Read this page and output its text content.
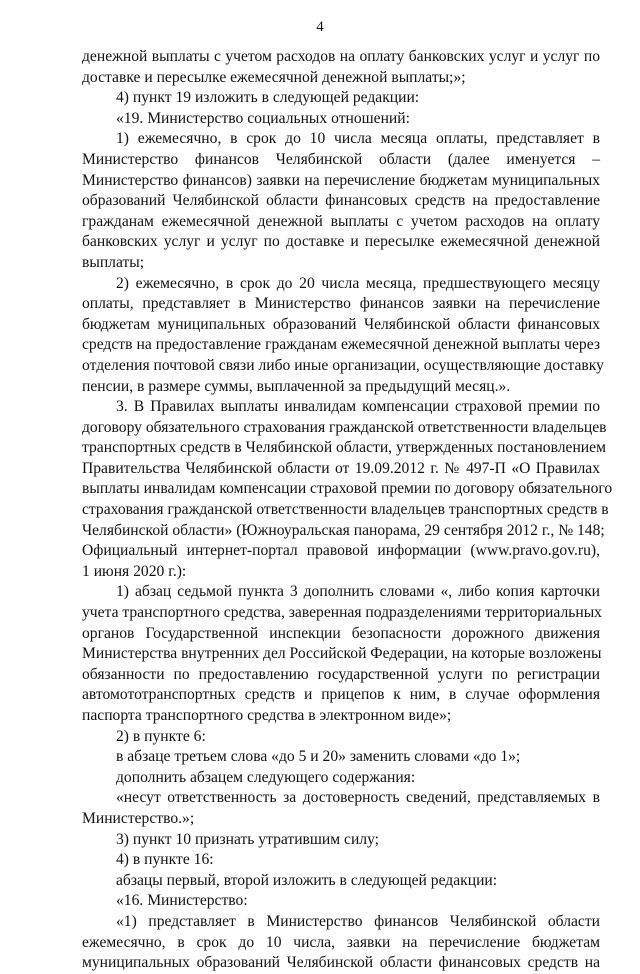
4
денежной выплаты с учетом расходов на оплату банковских услуг и услуг по
доставке и пересылке ежемесячной денежной выплаты;»;
4) пункт 19 изложить в следующей редакции:
«19. Министерство социальных отношений:
1) ежемесячно, в срок до 10 числа месяца оплаты, представляет в
Министерство финансов Челябинской области (далее именуется –
Министерство финансов) заявки на перечисление бюджетам муниципальных
образований Челябинской области финансовых средств на предоставление
гражданам ежемесячной денежной выплаты с учетом расходов на оплату
банковских услуг и услуг по доставке и пересылке ежемесячной денежной
выплаты;
2) ежемесячно, в срок до 20 числа месяца, предшествующего месяцу
оплаты, представляет в Министерство финансов заявки на перечисление
бюджетам муниципальных образований Челябинской области финансовых
средств на предоставление гражданам ежемесячной денежной выплаты через
отделения почтовой связи либо иные организации, осуществляющие доставку
пенсии, в размере суммы, выплаченной за предыдущий месяц.».
3. В Правилах выплаты инвалидам компенсации страховой премии по
договору обязательного страхования гражданской ответственности владельцев
транспортных средств в Челябинской области, утвержденных постановлением
Правительства Челябинской области от 19.09.2012 г. № 497-П «О Правилах
выплаты инвалидам компенсации страховой премии по договору обязательного
страхования гражданской ответственности владельцев транспортных средств в
Челябинской области» (Южноуральская панорама, 29 сентября 2012 г., № 148;
Официальный интернет-портал правовой информации (www.pravo.gov.ru),
1 июня 2020 г.):
1) абзац седьмой пункта 3 дополнить словами «, либо копия карточки
учета транспортного средства, заверенная подразделениями территориальных
органов Государственной инспекции безопасности дорожного движения
Министерства внутренних дел Российской Федерации, на которые возложены
обязанности по предоставлению государственной услуги по регистрации
автомототранспортных средств и прицепов к ним, в случае оформления
паспорта транспортного средства в электронном виде»;
2) в пункте 6:
в абзаце третьем слова «до 5 и 20» заменить словами «до 1»;
дополнить абзацем следующего содержания:
«несут ответственность за достоверность сведений, представляемых в
Министерство.»;
3) пункт 10 признать утратившим силу;
4) в пункте 16:
абзацы первый, второй изложить в следующей редакции:
«16. Министерство:
«1) представляет в Министерство финансов Челябинской области
ежемесячно, в срок до 10 числа, заявки на перечисление бюджетам
муниципальных образований Челябинской области финансовых средств на
